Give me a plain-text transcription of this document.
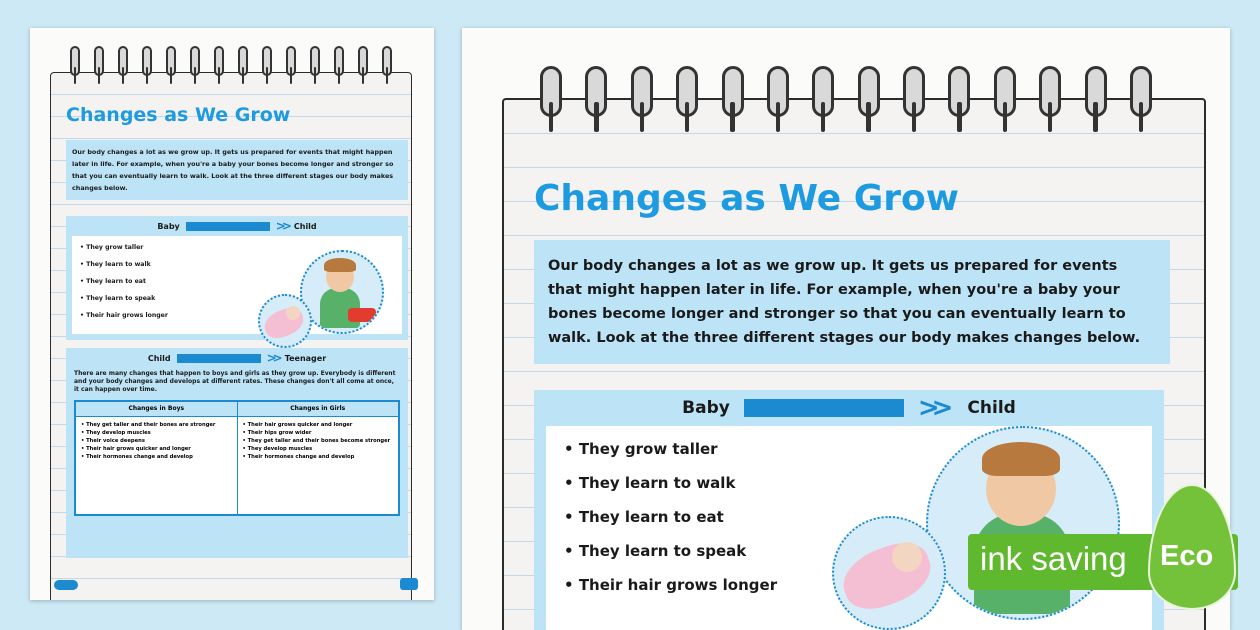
Changes as We Grow
Our body changes a lot as we grow up. It gets us prepared for events that might happen later in life. For example, when you're a baby your bones become longer and stronger so that you can eventually learn to walk. Look at the three different stages our body makes changes below.
Baby	>> Child
• They grow taller
• They learn to walk
• They learn to eat
• They learn to speak
• Their hair grows longer
Child	>> Teenager
There are many changes that happen to boys and girls as they grow up. Everybody is different and your body changes and develops at different rates. These changes don't all come at once, it can happen over time.
Changes in Boys
• They get taller and their bones are stronger
• They develop muscles
• Their voice deepens
• Their hair grows quicker and longer
• Their hormones change and develop
Changes in Girls
• Their hair grows quicker and longer
• Their hips grow wider
• They get taller and their bones become stronger
• They develop muscles
• Their hormones change and develop
Changes as We Grow
Our body changes a lot as we grow up. It gets us prepared for events that might happen later in life. For example, when you're a baby your bones become longer and stronger so that you can eventually learn to walk. Look at the three different stages our body makes changes below.
Baby	>> Child
• They grow taller
• They learn to walk
• They learn to eat
• They learn to speak
• Their hair grows longer
ink saving Eco
